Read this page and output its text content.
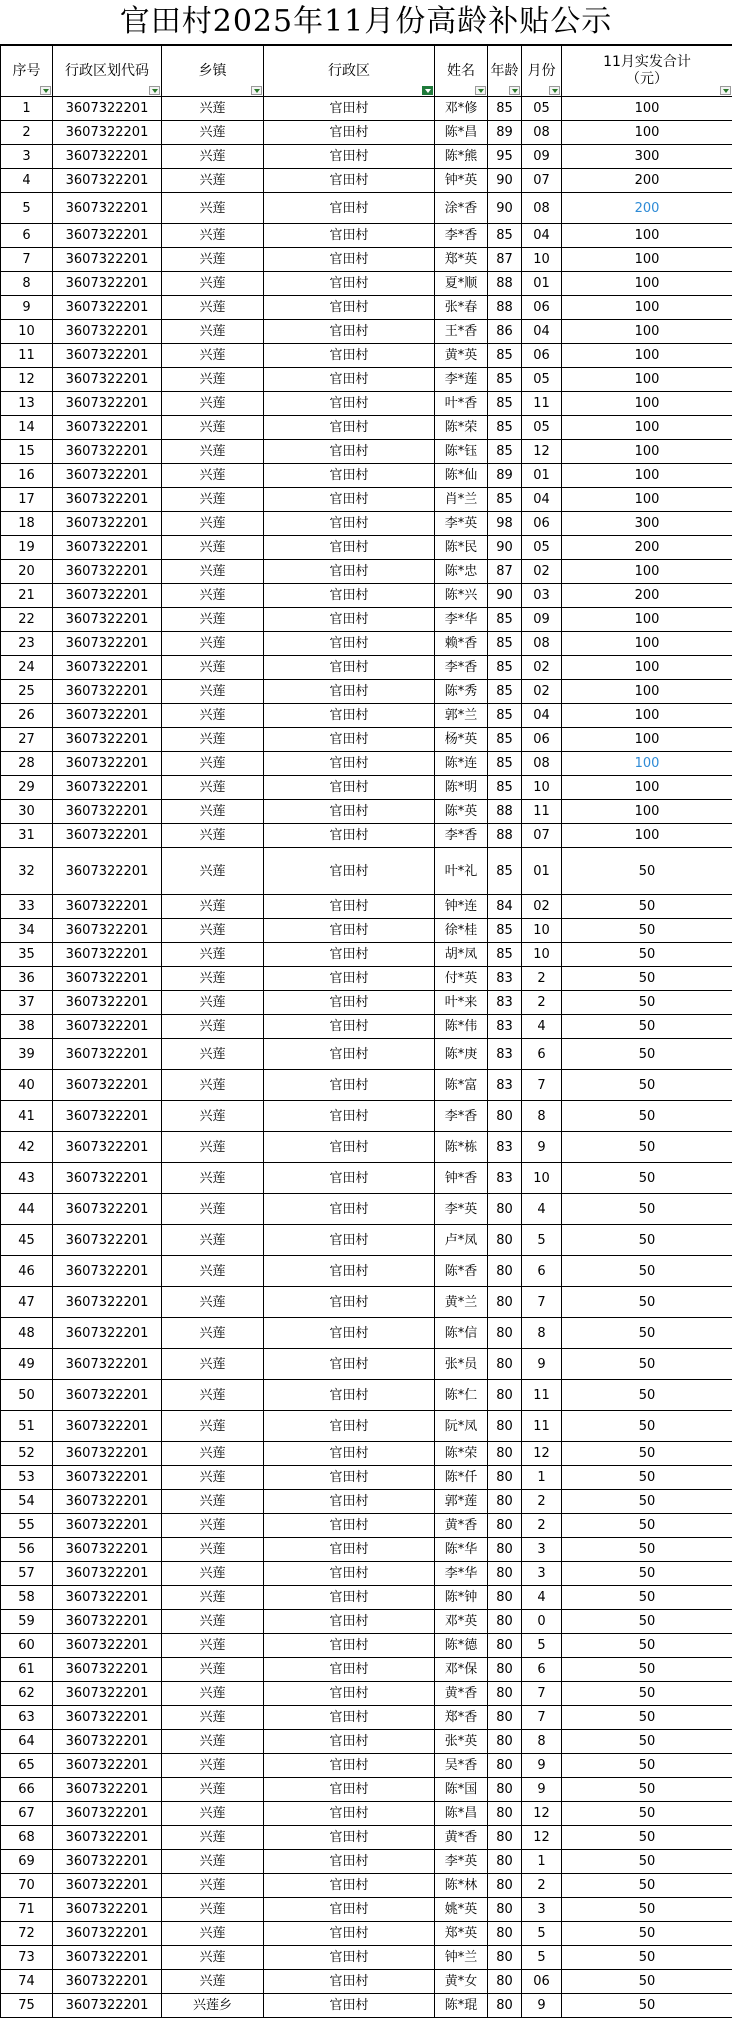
官田村2025年11月份高龄补贴公示
序号	行政区划代码	乡镇	行政区	姓名	年龄	月份	11月实发合计
（元）

1	3607322201	兴莲	官田村	邓*修	85	05	100
2	3607322201	兴莲	官田村	陈*昌	89	08	100
3	3607322201	兴莲	官田村	陈*熊	95	09	300
4	3607322201	兴莲	官田村	钟*英	90	07	200
5	3607322201	兴莲	官田村	涂*香	90	08	200
6	3607322201	兴莲	官田村	李*香	85	04	100
7	3607322201	兴莲	官田村	郑*英	87	10	100
8	3607322201	兴莲	官田村	夏*顺	88	01	100
9	3607322201	兴莲	官田村	张*春	88	06	100
10	3607322201	兴莲	官田村	王*香	86	04	100
11	3607322201	兴莲	官田村	黄*英	85	06	100
12	3607322201	兴莲	官田村	李*莲	85	05	100
13	3607322201	兴莲	官田村	叶*香	85	11	100
14	3607322201	兴莲	官田村	陈*荣	85	05	100
15	3607322201	兴莲	官田村	陈*钰	85	12	100
16	3607322201	兴莲	官田村	陈*仙	89	01	100
17	3607322201	兴莲	官田村	肖*兰	85	04	100
18	3607322201	兴莲	官田村	李*英	98	06	300
19	3607322201	兴莲	官田村	陈*民	90	05	200
20	3607322201	兴莲	官田村	陈*忠	87	02	100
21	3607322201	兴莲	官田村	陈*兴	90	03	200
22	3607322201	兴莲	官田村	李*华	85	09	100
23	3607322201	兴莲	官田村	赖*香	85	08	100
24	3607322201	兴莲	官田村	李*香	85	02	100
25	3607322201	兴莲	官田村	陈*秀	85	02	100
26	3607322201	兴莲	官田村	郭*兰	85	04	100
27	3607322201	兴莲	官田村	杨*英	85	06	100
28	3607322201	兴莲	官田村	陈*连	85	08	100
29	3607322201	兴莲	官田村	陈*明	85	10	100
30	3607322201	兴莲	官田村	陈*英	88	11	100
31	3607322201	兴莲	官田村	李*香	88	07	100
32	3607322201	兴莲	官田村	叶*礼	85	01	50
33	3607322201	兴莲	官田村	钟*连	84	02	50
34	3607322201	兴莲	官田村	徐*桂	85	10	50
35	3607322201	兴莲	官田村	胡*凤	85	10	50
36	3607322201	兴莲	官田村	付*英	83	2	50
37	3607322201	兴莲	官田村	叶*来	83	2	50
38	3607322201	兴莲	官田村	陈*伟	83	4	50
39	3607322201	兴莲	官田村	陈*庚	83	6	50
40	3607322201	兴莲	官田村	陈*富	83	7	50
41	3607322201	兴莲	官田村	李*香	80	8	50
42	3607322201	兴莲	官田村	陈*栋	83	9	50
43	3607322201	兴莲	官田村	钟*香	83	10	50
44	3607322201	兴莲	官田村	李*英	80	4	50
45	3607322201	兴莲	官田村	卢*凤	80	5	50
46	3607322201	兴莲	官田村	陈*香	80	6	50
47	3607322201	兴莲	官田村	黄*兰	80	7	50
48	3607322201	兴莲	官田村	陈*信	80	8	50
49	3607322201	兴莲	官田村	张*员	80	9	50
50	3607322201	兴莲	官田村	陈*仁	80	11	50
51	3607322201	兴莲	官田村	阮*凤	80	11	50
52	3607322201	兴莲	官田村	陈*荣	80	12	50
53	3607322201	兴莲	官田村	陈*仟	80	1	50
54	3607322201	兴莲	官田村	郭*莲	80	2	50
55	3607322201	兴莲	官田村	黄*香	80	2	50
56	3607322201	兴莲	官田村	陈*华	80	3	50
57	3607322201	兴莲	官田村	李*华	80	3	50
58	3607322201	兴莲	官田村	陈*钟	80	4	50
59	3607322201	兴莲	官田村	邓*英	80	0	50
60	3607322201	兴莲	官田村	陈*德	80	5	50
61	3607322201	兴莲	官田村	邓*保	80	6	50
62	3607322201	兴莲	官田村	黄*香	80	7	50
63	3607322201	兴莲	官田村	郑*香	80	7	50
64	3607322201	兴莲	官田村	张*英	80	8	50
65	3607322201	兴莲	官田村	吴*香	80	9	50
66	3607322201	兴莲	官田村	陈*国	80	9	50
67	3607322201	兴莲	官田村	陈*昌	80	12	50
68	3607322201	兴莲	官田村	黄*香	80	12	50
69	3607322201	兴莲	官田村	李*英	80	1	50
70	3607322201	兴莲	官田村	陈*林	80	2	50
71	3607322201	兴莲	官田村	姚*英	80	3	50
72	3607322201	兴莲	官田村	郑*英	80	5	50
73	3607322201	兴莲	官田村	钟*兰	80	5	50
74	3607322201	兴莲	官田村	黄*女	80	06	50
75	3607322201	兴莲乡	官田村	陈*琨	80	9	50
